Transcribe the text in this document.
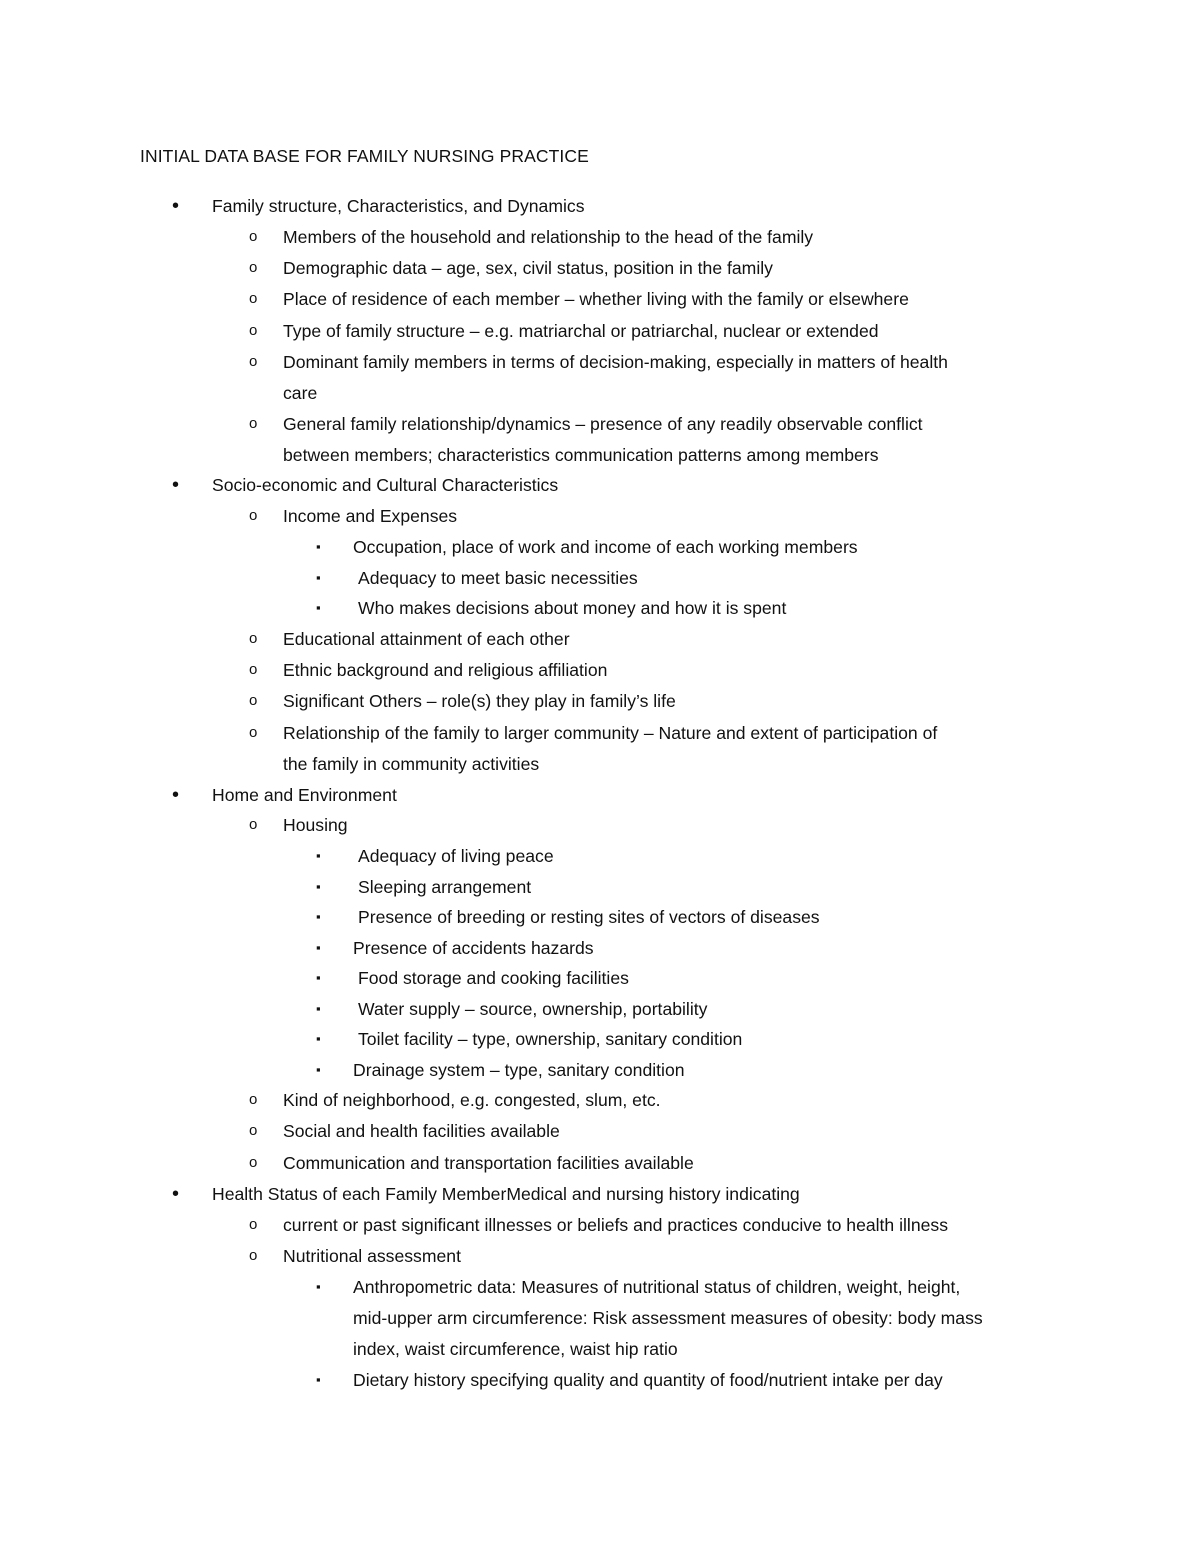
INITIAL DATA BASE FOR FAMILY NURSING PRACTICE
• Family structure, Characteristics, and Dynamics
o Members of the household and relationship to the head of the family
o Demographic data – age, sex, civil status, position in the family
o Place of residence of each member – whether living with the family or elsewhere
o Type of family structure – e.g. matriarchal or patriarchal, nuclear or extended
o Dominant family members in terms of decision-making, especially in matters of health
care
o General family relationship/dynamics – presence of any readily observable conflict
between members; characteristics communication patterns among members
• Socio-economic and Cultural Characteristics
o Income and Expenses
▪ Occupation, place of work and income of each working members
▪ Adequacy to meet basic necessities
▪ Who makes decisions about money and how it is spent
o Educational attainment of each other
o Ethnic background and religious affiliation
o Significant Others – role(s) they play in family’s life
o Relationship of the family to larger community – Nature and extent of participation of
the family in community activities
• Home and Environment
o Housing
▪ Adequacy of living peace
▪ Sleeping arrangement
▪ Presence of breeding or resting sites of vectors of diseases
▪ Presence of accidents hazards
▪ Food storage and cooking facilities
▪ Water supply – source, ownership, portability
▪ Toilet facility – type, ownership, sanitary condition
▪ Drainage system – type, sanitary condition
o Kind of neighborhood, e.g. congested, slum, etc.
o Social and health facilities available
o Communication and transportation facilities available
• Health Status of each Family MemberMedical and nursing history indicating
o current or past significant illnesses or beliefs and practices conducive to health illness
o Nutritional assessment
▪ Anthropometric data: Measures of nutritional status of children, weight, height,
mid-upper arm circumference: Risk assessment measures of obesity: body mass
index, waist circumference, waist hip ratio
▪ Dietary history specifying quality and quantity of food/nutrient intake per day
